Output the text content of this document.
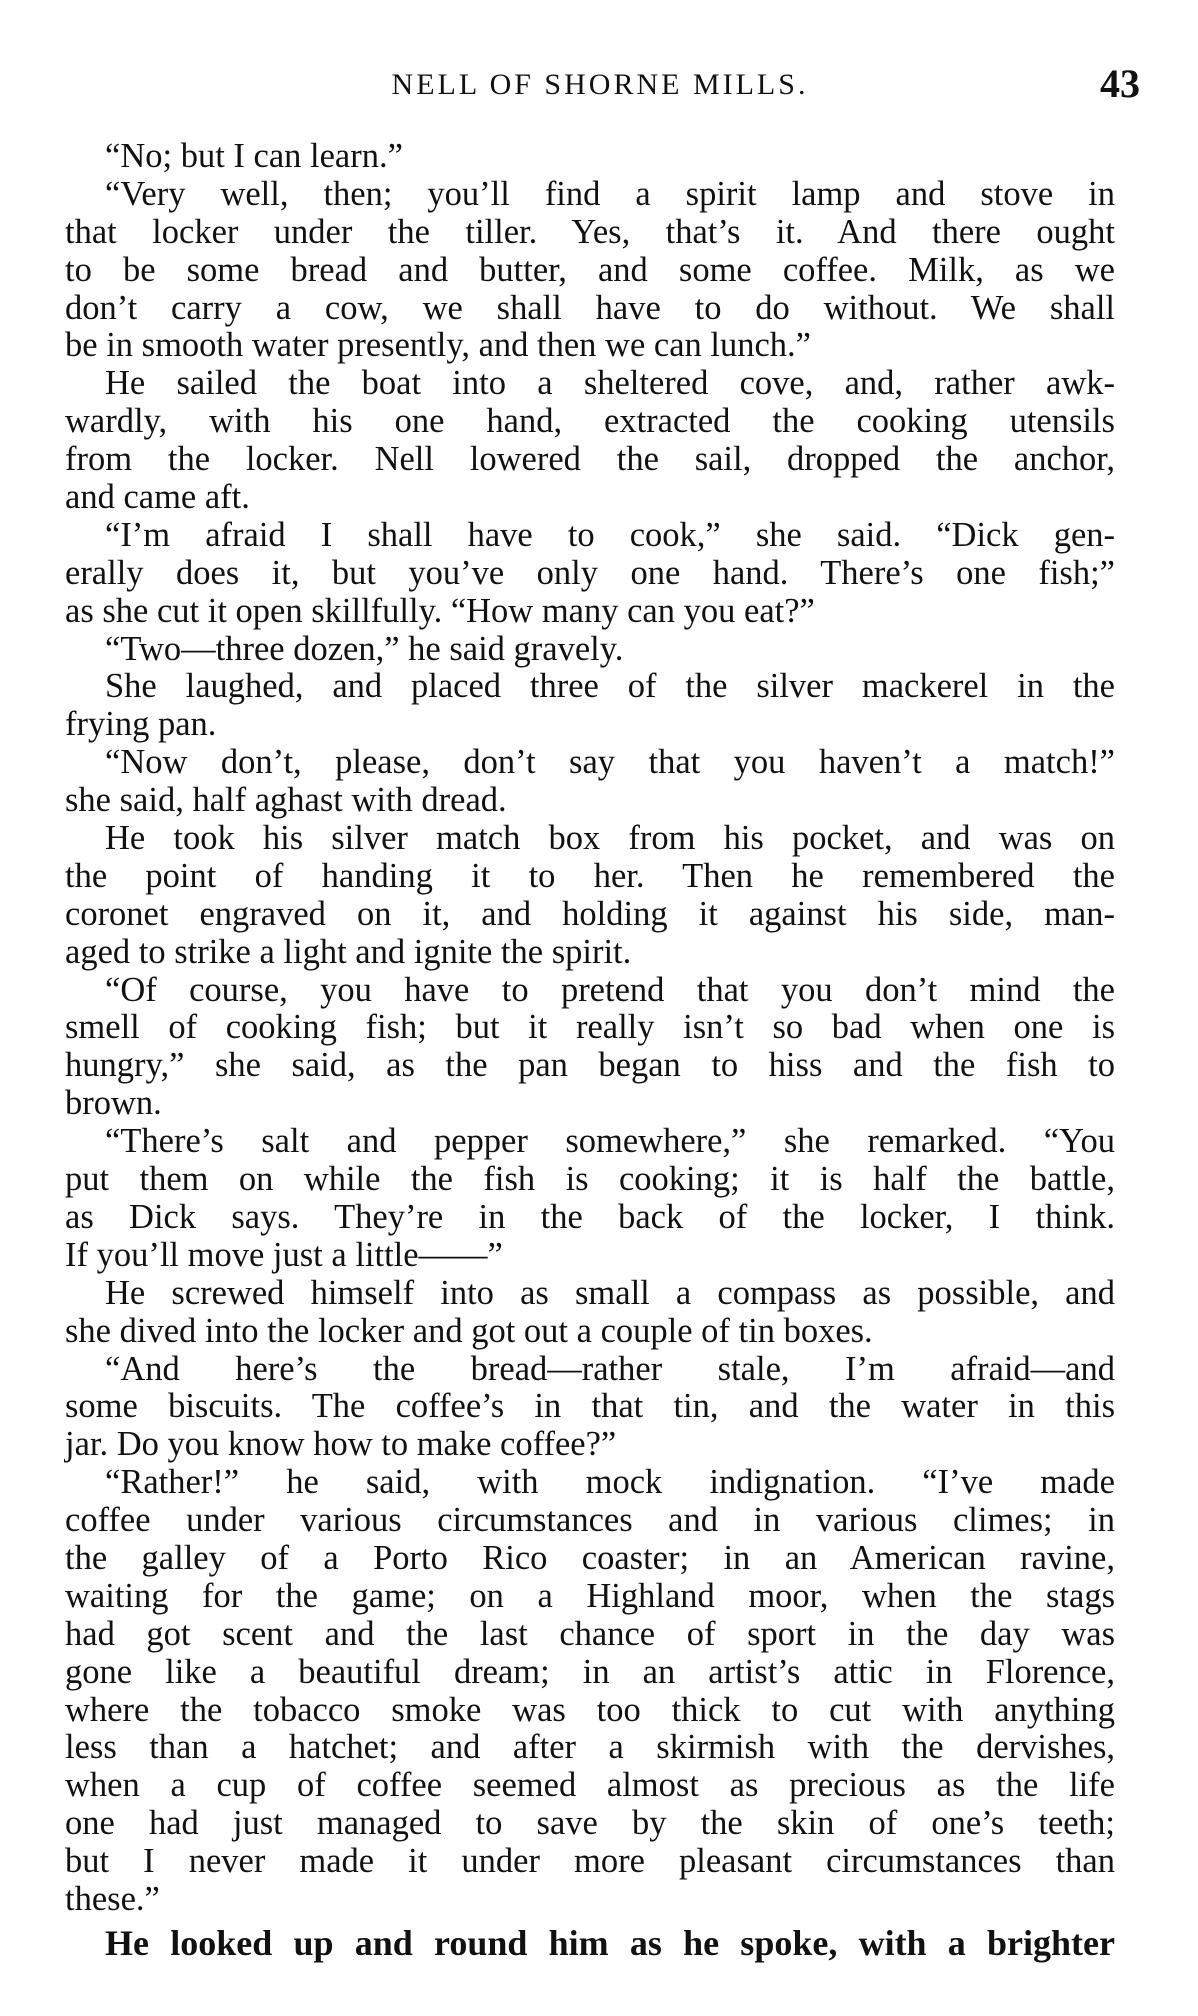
NELL OF SHORNE MILLS.	43
“No; but I can learn.”
“Very well, then; you’ll find a spirit lamp and stove in
that locker under the tiller. Yes, that’s it. And there ought
to be some bread and butter, and some coffee. Milk, as we
don’t carry a cow, we shall have to do without. We shall
be in smooth water presently, and then we can lunch.”
He sailed the boat into a sheltered cove, and, rather awk-
wardly, with his one hand, extracted the cooking utensils
from the locker. Nell lowered the sail, dropped the anchor,
and came aft.
“I’m afraid I shall have to cook,” she said. “Dick gen-
erally does it, but you’ve only one hand. There’s one fish;”
as she cut it open skillfully. “How many can you eat?”
“Two—three dozen,” he said gravely.
She laughed, and placed three of the silver mackerel in the
frying pan.
“Now don’t, please, don’t say that you haven’t a match!”
she said, half aghast with dread.
He took his silver match box from his pocket, and was on
the point of handing it to her. Then he remembered the
coronet engraved on it, and holding it against his side, man-
aged to strike a light and ignite the spirit.
“Of course, you have to pretend that you don’t mind the
smell of cooking fish; but it really isn’t so bad when one is
hungry,” she said, as the pan began to hiss and the fish to
brown.
“There’s salt and pepper somewhere,” she remarked. “You
put them on while the fish is cooking; it is half the battle,
as Dick says. They’re in the back of the locker, I think.
If you’ll move just a little——”
He screwed himself into as small a compass as possible, and
she dived into the locker and got out a couple of tin boxes.
“And here’s the bread—rather stale, I’m afraid—and
some biscuits. The coffee’s in that tin, and the water in this
jar. Do you know how to make coffee?”
“Rather!” he said, with mock indignation. “I’ve made
coffee under various circumstances and in various climes; in
the galley of a Porto Rico coaster; in an American ravine,
waiting for the game; on a Highland moor, when the stags
had got scent and the last chance of sport in the day was
gone like a beautiful dream; in an artist’s attic in Florence,
where the tobacco smoke was too thick to cut with anything
less than a hatchet; and after a skirmish with the dervishes,
when a cup of coffee seemed almost as precious as the life
one had just managed to save by the skin of one’s teeth;
but I never made it under more pleasant circumstances than
these.”
He looked up and round him as he spoke, with a brighter
